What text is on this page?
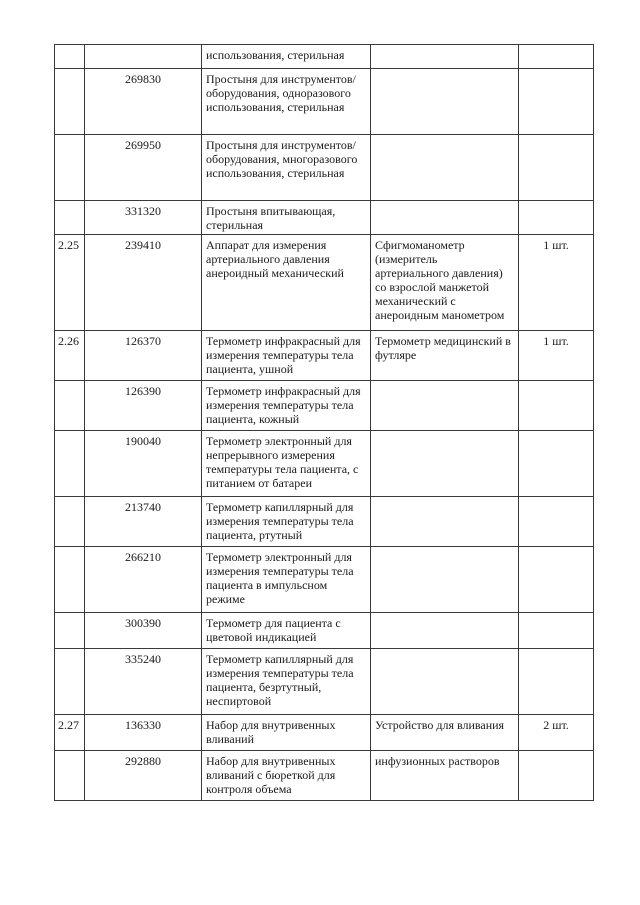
		использования, стерильная		
	269830	Простыня для инструментов/оборудования, одноразового использования, стерильная		
	269950	Простыня для инструментов/оборудования, многоразового использования, стерильная		
	331320	Простыня впитывающая, стерильная		
2.25	239410	Аппарат для измерения артериального давления анероидный механический	Сфигмоманометр (измеритель артериального давления) со взрослой манжетой механический с анероидным манометром	1 шт.
2.26	126370	Термометр инфракрасный для измерения температуры тела пациента, ушной	Термометр медицинский в футляре	1 шт.
	126390	Термометр инфракрасный для измерения температуры тела пациента, кожный		
	190040	Термометр электронный для непрерывного измерения температуры тела пациента, с питанием от батареи		
	213740	Термометр капиллярный для измерения температуры тела пациента, ртутный		
	266210	Термометр электронный для измерения температуры тела пациента в импульсном режиме		
	300390	Термометр для пациента с цветовой индикацией		
	335240	Термометр капиллярный для измерения температуры тела пациента, безртутный, неспиртовой		
2.27	136330	Набор для внутривенных вливаний	Устройство для вливания	2 шт.
	292880	Набор для внутривенных вливаний с бюреткой для контроля объема	инфузионных растворов	
